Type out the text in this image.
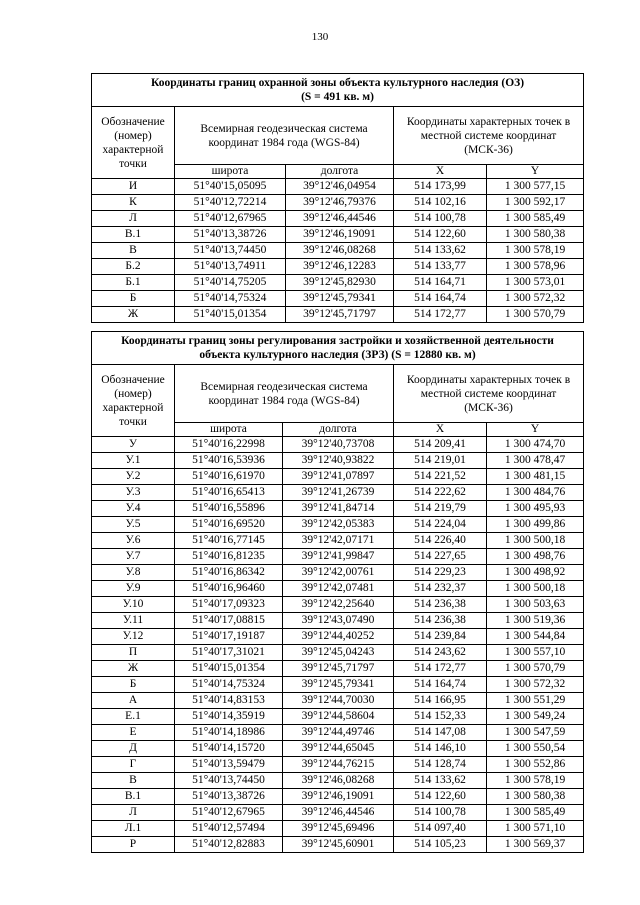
130
Координаты границ охранной зоны объекта культурного наследия (ОЗ)
(S = 491 кв. м)				
Обозначение
(номер)
характерной
точки	Всемирная геодезическая система координат 1984 года (WGS-84)		Координаты характерных точек в местной системе координат (МСК-36)	
	широта	долгота	X	Y
И	51°40'15,05095	39°12'46,04954	514 173,99	1 300 577,15
К	51°40'12,72214	39°12'46,79376	514 102,16	1 300 592,17
Л	51°40'12,67965	39°12'46,44546	514 100,78	1 300 585,49
В.1	51°40'13,38726	39°12'46,19091	514 122,60	1 300 580,38
В	51°40'13,74450	39°12'46,08268	514 133,62	1 300 578,19
Б.2	51°40'13,74911	39°12'46,12283	514 133,77	1 300 578,96
Б.1	51°40'14,75205	39°12'45,82930	514 164,71	1 300 573,01
Б	51°40'14,75324	39°12'45,79341	514 164,74	1 300 572,32
Ж	51°40'15,01354	39°12'45,71797	514 172,77	1 300 570,79
Координаты границ зоны регулирования застройки и хозяйственной деятельности
объекта культурного наследия (ЗРЗ) (S = 12880 кв. м)				
Обозначение
(номер)
характерной
точки	Всемирная геодезическая система координат 1984 года (WGS-84)		Координаты характерных точек в местной системе координат (МСК-36)	
	широта	долгота	X	Y
У	51°40'16,22998	39°12'40,73708	514 209,41	1 300 474,70
У.1	51°40'16,53936	39°12'40,93822	514 219,01	1 300 478,47
У.2	51°40'16,61970	39°12'41,07897	514 221,52	1 300 481,15
У.3	51°40'16,65413	39°12'41,26739	514 222,62	1 300 484,76
У.4	51°40'16,55896	39°12'41,84714	514 219,79	1 300 495,93
У.5	51°40'16,69520	39°12'42,05383	514 224,04	1 300 499,86
У.6	51°40'16,77145	39°12'42,07171	514 226,40	1 300 500,18
У.7	51°40'16,81235	39°12'41,99847	514 227,65	1 300 498,76
У.8	51°40'16,86342	39°12'42,00761	514 229,23	1 300 498,92
У.9	51°40'16,96460	39°12'42,07481	514 232,37	1 300 500,18
У.10	51°40'17,09323	39°12'42,25640	514 236,38	1 300 503,63
У.11	51°40'17,08815	39°12'43,07490	514 236,38	1 300 519,36
У.12	51°40'17,19187	39°12'44,40252	514 239,84	1 300 544,84
П	51°40'17,31021	39°12'45,04243	514 243,62	1 300 557,10
Ж	51°40'15,01354	39°12'45,71797	514 172,77	1 300 570,79
Б	51°40'14,75324	39°12'45,79341	514 164,74	1 300 572,32
А	51°40'14,83153	39°12'44,70030	514 166,95	1 300 551,29
Е.1	51°40'14,35919	39°12'44,58604	514 152,33	1 300 549,24
Е	51°40'14,18986	39°12'44,49746	514 147,08	1 300 547,59
Д	51°40'14,15720	39°12'44,65045	514 146,10	1 300 550,54
Г	51°40'13,59479	39°12'44,76215	514 128,74	1 300 552,86
В	51°40'13,74450	39°12'46,08268	514 133,62	1 300 578,19
В.1	51°40'13,38726	39°12'46,19091	514 122,60	1 300 580,38
Л	51°40'12,67965	39°12'46,44546	514 100,78	1 300 585,49
Л.1	51°40'12,57494	39°12'45,69496	514 097,40	1 300 571,10
Р	51°40'12,82883	39°12'45,60901	514 105,23	1 300 569,37
